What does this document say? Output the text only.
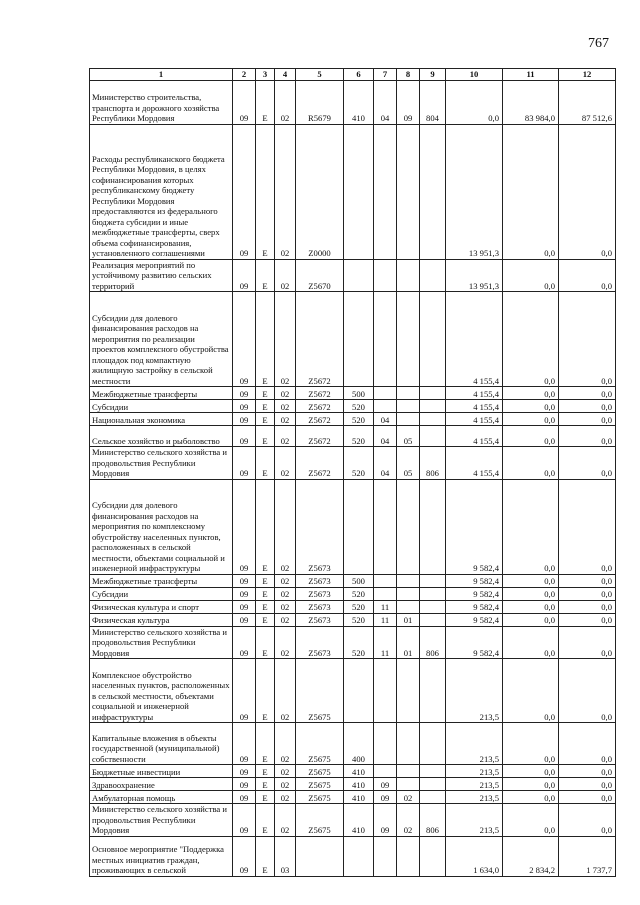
767
1	2	3	4	5	6	7	8	9	10	11	12
Министерство строительства, транспорта и дорожного хозяйства Республики Мордовия	09	Е	02	R5679	410	04	09	804	0,0	83 984,0	87 512,6
Расходы республиканского бюджета Республики Мордовия, в целях софинансирования которых республиканскому бюджету Республики Мордовия предоставляются из федерального бюджета субсидии и иные межбюджетные трансферты, сверх объема софинансирования, установленного соглашениями	09	Е	02	Z0000					13 951,3	0,0	0,0
Реализация мероприятий по устойчивому развитию сельских территорий	09	Е	02	Z5670					13 951,3	0,0	0,0
Субсидии для долевого финансирования расходов на мероприятия по реализации проектов комплексного обустройства площадок под компактную жилищную застройку в сельской местности	09	Е	02	Z5672					4 155,4	0,0	0,0
Межбюджетные трансферты	09	Е	02	Z5672	500				4 155,4	0,0	0,0
Субсидии	09	Е	02	Z5672	520				4 155,4	0,0	0,0
Национальная экономика	09	Е	02	Z5672	520	04			4 155,4	0,0	0,0
Сельское хозяйство и рыболовство	09	Е	02	Z5672	520	04	05		4 155,4	0,0	0,0
Министерство сельского хозяйства и продовольствия Республики Мордовия	09	Е	02	Z5672	520	04	05	806	4 155,4	0,0	0,0
Субсидии для долевого финансирования расходов на мероприятия по комплексному обустройству населенных пунктов, расположенных в сельской местности, объектами социальной и инженерной инфраструктуры	09	Е	02	Z5673					9 582,4	0,0	0,0
Межбюджетные трансферты	09	Е	02	Z5673	500				9 582,4	0,0	0,0
Субсидии	09	Е	02	Z5673	520				9 582,4	0,0	0,0
Физическая культура и спорт	09	Е	02	Z5673	520	11			9 582,4	0,0	0,0
Физическая культура	09	Е	02	Z5673	520	11	01		9 582,4	0,0	0,0
Министерство сельского хозяйства и продовольствия Республики Мордовия	09	Е	02	Z5673	520	11	01	806	9 582,4	0,0	0,0
Комплексное обустройство населенных пунктов, расположенных в сельской местности, объектами социальной и инженерной инфраструктуры	09	Е	02	Z5675					213,5	0,0	0,0
Капитальные вложения в объекты государственной (муниципальной) собственности	09	Е	02	Z5675	400				213,5	0,0	0,0
Бюджетные инвестиции	09	Е	02	Z5675	410				213,5	0,0	0,0
Здравоохранение	09	Е	02	Z5675	410	09			213,5	0,0	0,0
Амбулаторная помощь	09	Е	02	Z5675	410	09	02		213,5	0,0	0,0
Министерство сельского хозяйства и продовольствия Республики Мордовия	09	Е	02	Z5675	410	09	02	806	213,5	0,0	0,0
Основное мероприятие "Поддержка местных инициатив граждан, проживающих в сельской	09	Е	03						1 634,0	2 834,2	1 737,7
